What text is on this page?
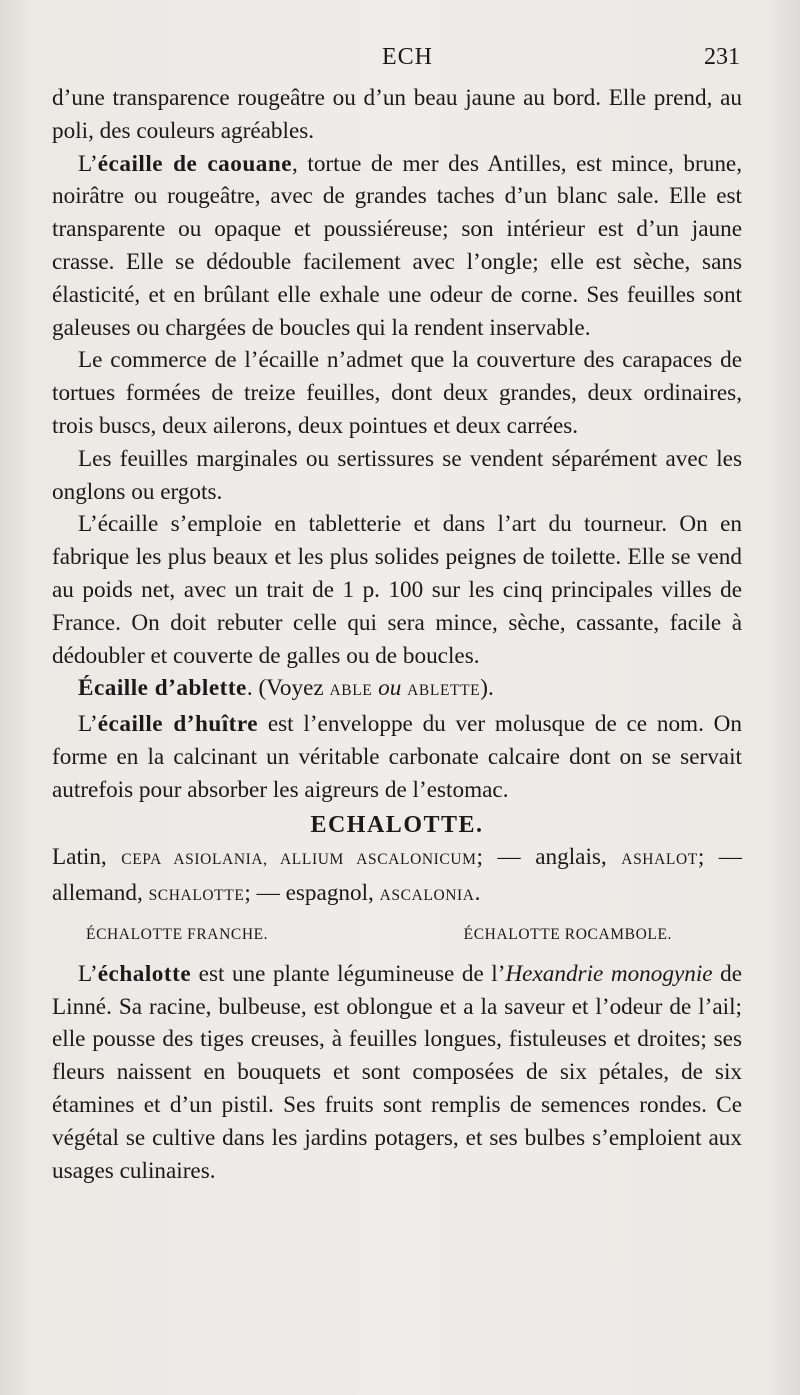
ECH	231

d’une transparence rougeâtre ou d’un beau jaune au bord. Elle prend, au poli, des couleurs agréables.

L’écaille de caouane, tortue de mer des Antilles, est mince, brune, noirâtre ou rougeâtre, avec de grandes taches d’un blanc sale. Elle est transparente ou opaque et poussiéreuse; son intérieur est d’un jaune crasse. Elle se dédouble facilement avec l’ongle; elle est sèche, sans élasticité, et en brûlant elle exhale une odeur de corne. Ses feuilles sont galeuses ou chargées de boucles qui la rendent inservable.

Le commerce de l’écaille n’admet que la couverture des carapaces de tortues formées de treize feuilles, dont deux grandes, deux ordinaires, trois buscs, deux ailerons, deux pointues et deux carrées.

Les feuilles marginales ou sertissures se vendent séparément avec les onglons ou ergots.

L’écaille s’emploie en tabletterie et dans l’art du tourneur. On en fabrique les plus beaux et les plus solides peignes de toilette. Elle se vend au poids net, avec un trait de 1 p. 100 sur les cinq principales villes de France. On doit rebuter celle qui sera mince, sèche, cassante, facile à dédoubler et couverte de galles ou de boucles.

Écaille d’ablette. (Voyez ABLE ou ABLETTE).

L’écaille d’huître est l’enveloppe du ver molusque de ce nom. On forme en la calcinant un véritable carbonate calcaire dont on se servait autrefois pour absorber les aigreurs de l’estomac.

ECHALOTTE.

Latin, CEPA ASIOLANIA, ALLIUM ASCALONICUM; — anglais, ASHALOT; — allemand, SCHALOTTE; — espagnol, ASCALONIA.

ÉCHALOTTE FRANCHE.	ÉCHALOTTE ROCAMBOLE.

L’échalotte est une plante légumineuse de l’Hexandrie monogynie de Linné. Sa racine, bulbeuse, est oblongue et a la saveur et l’odeur de l’ail; elle pousse des tiges creuses, à feuilles longues, fistuleuses et droites; ses fleurs naissent en bouquets et sont composées de six pétales, de six étamines et d’un pistil. Ses fruits sont remplis de semences rondes. Ce végétal se cultive dans les jardins potagers, et ses bulbes s’emploient aux usages culinaires.
